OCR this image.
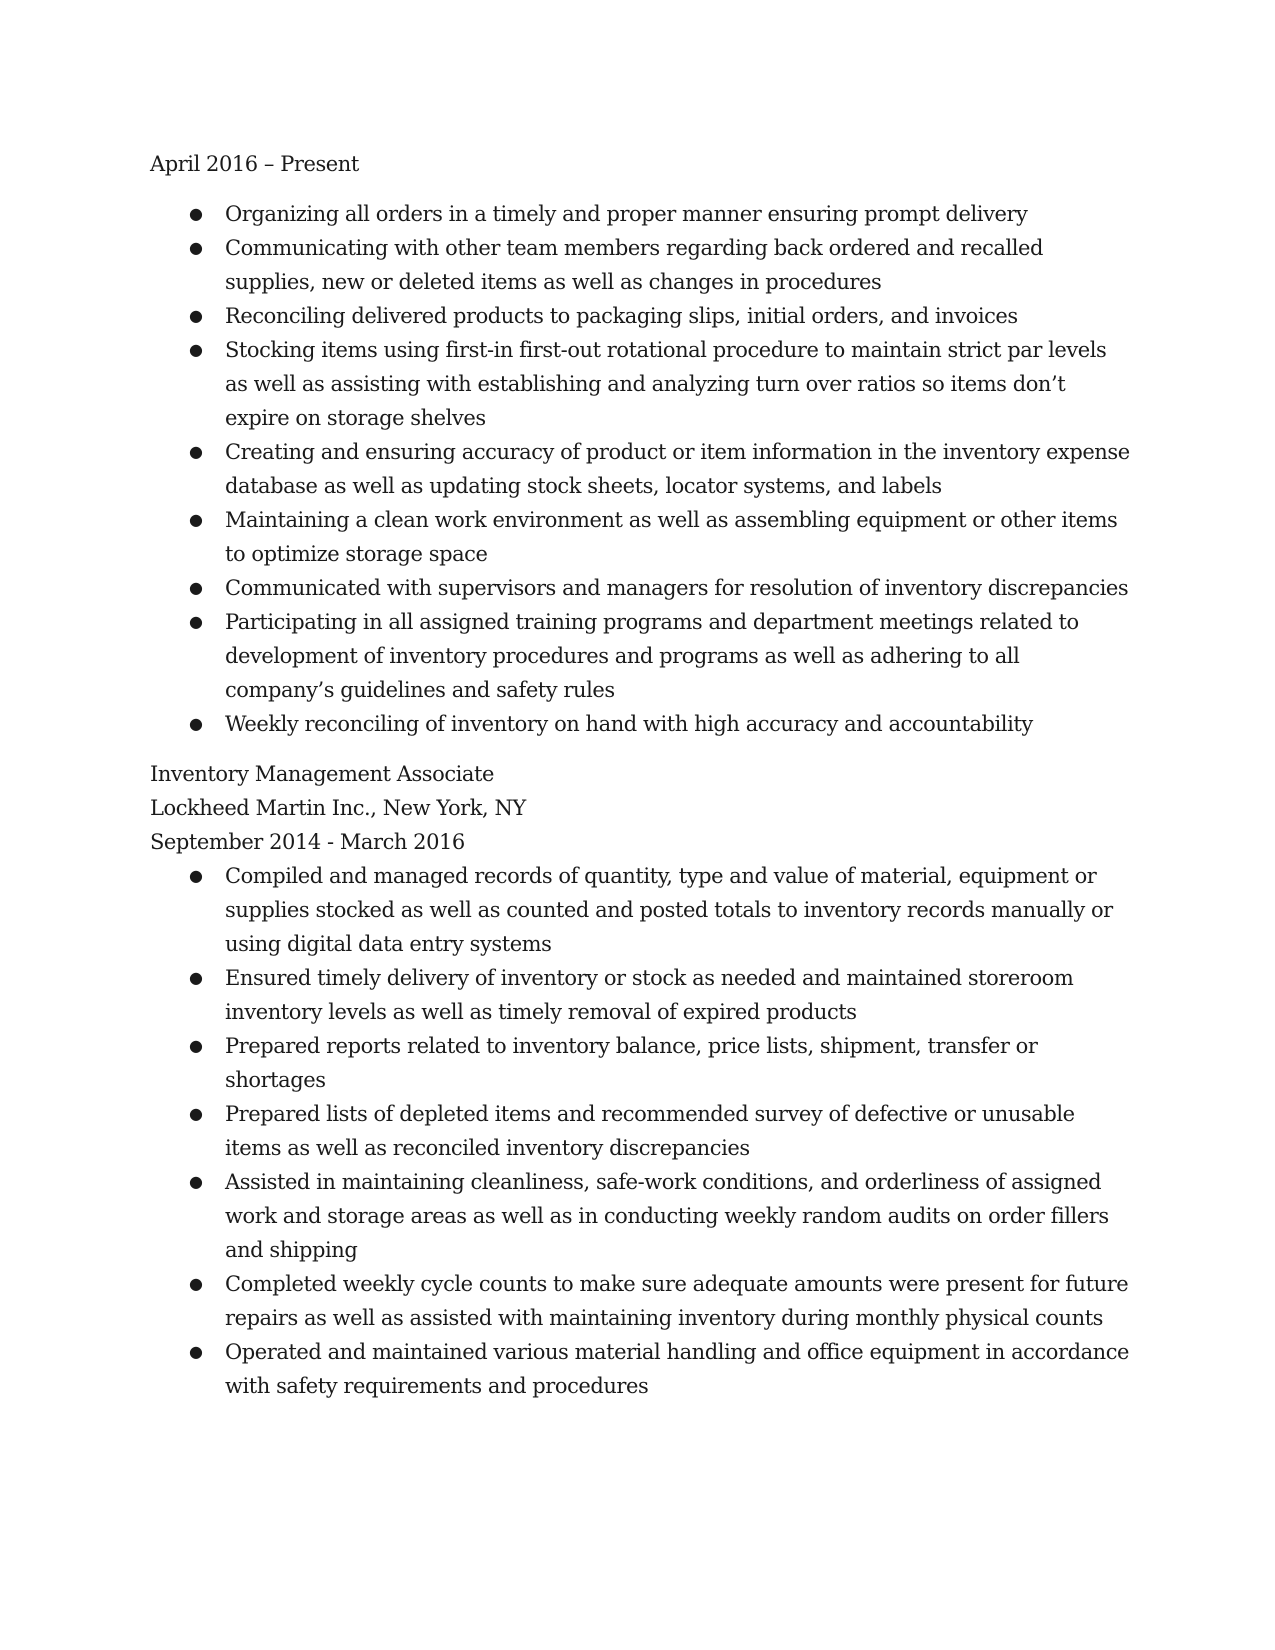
April 2016 – Present

● Organizing all orders in a timely and proper manner ensuring prompt delivery
● Communicating with other team members regarding back ordered and recalled supplies, new or deleted items as well as changes in procedures
● Reconciling delivered products to packaging slips, initial orders, and invoices
● Stocking items using first-in first-out rotational procedure to maintain strict par levels as well as assisting with establishing and analyzing turn over ratios so items don’t expire on storage shelves
● Creating and ensuring accuracy of product or item information in the inventory expense database as well as updating stock sheets, locator systems, and labels
● Maintaining a clean work environment as well as assembling equipment or other items to optimize storage space
● Communicated with supervisors and managers for resolution of inventory discrepancies
● Participating in all assigned training programs and department meetings related to development of inventory procedures and programs as well as adhering to all company’s guidelines and safety rules
● Weekly reconciling of inventory on hand with high accuracy and accountability

Inventory Management Associate

Lockheed Martin Inc., New York, NY

September 2014 - March 2016

● Compiled and managed records of quantity, type and value of material, equipment or supplies stocked as well as counted and posted totals to inventory records manually or using digital data entry systems
● Ensured timely delivery of inventory or stock as needed and maintained storeroom inventory levels as well as timely removal of expired products
● Prepared reports related to inventory balance, price lists, shipment, transfer or shortages
● Prepared lists of depleted items and recommended survey of defective or unusable items as well as reconciled inventory discrepancies
● Assisted in maintaining cleanliness, safe-work conditions, and orderliness of assigned work and storage areas as well as in conducting weekly random audits on order fillers and shipping
● Completed weekly cycle counts to make sure adequate amounts were present for future repairs as well as assisted with maintaining inventory during monthly physical counts
● Operated and maintained various material handling and office equipment in accordance with safety requirements and procedures
